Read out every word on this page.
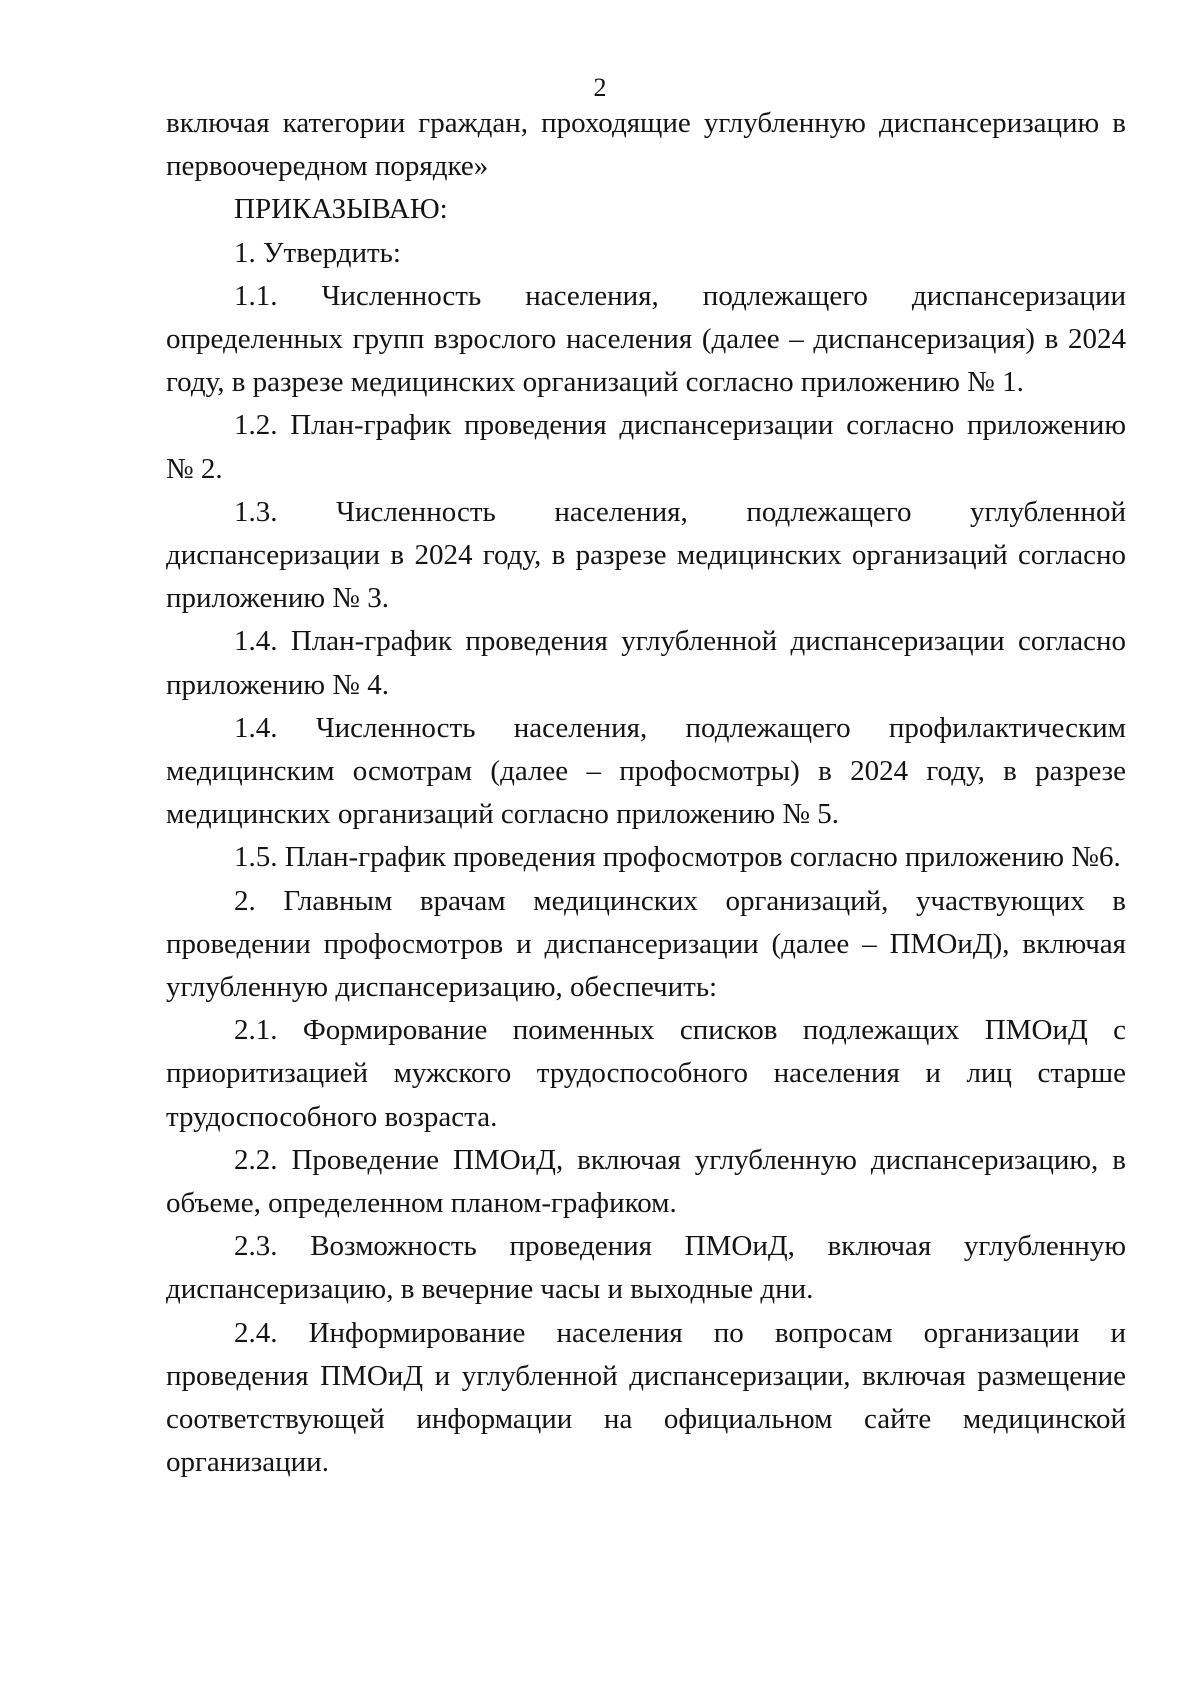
2

включая категории граждан, проходящие углубленную диспансеризацию в первоочередном порядке»

ПРИКАЗЫВАЮ:

1. Утвердить:

1.1. Численность населения, подлежащего диспансеризации определенных групп взрослого населения (далее – диспансеризация) в 2024 году, в разрезе медицинских организаций согласно приложению № 1.

1.2. План-график проведения диспансеризации согласно приложению № 2.

1.3. Численность населения, подлежащего углубленной диспансеризации в 2024 году, в разрезе медицинских организаций согласно приложению № 3.

1.4. План-график проведения углубленной диспансеризации согласно приложению № 4.

1.4. Численность населения, подлежащего профилактическим медицинским осмотрам (далее – профосмотры) в 2024 году, в разрезе медицинских организаций согласно приложению № 5.

1.5. План-график проведения профосмотров согласно приложению №6.

2. Главным врачам медицинских организаций, участвующих в проведении профосмотров и диспансеризации (далее – ПМОиД), включая углубленную диспансеризацию, обеспечить:

2.1. Формирование поименных списков подлежащих ПМОиД с приоритизацией мужского трудоспособного населения и лиц старше трудоспособного возраста.

2.2. Проведение ПМОиД, включая углубленную диспансеризацию, в объеме, определенном планом-графиком.

2.3. Возможность проведения ПМОиД, включая углубленную диспансеризацию, в вечерние часы и выходные дни.

2.4. Информирование населения по вопросам организации и проведения ПМОиД и углубленной диспансеризации, включая размещение соответствующей информации на официальном сайте медицинской организации.
